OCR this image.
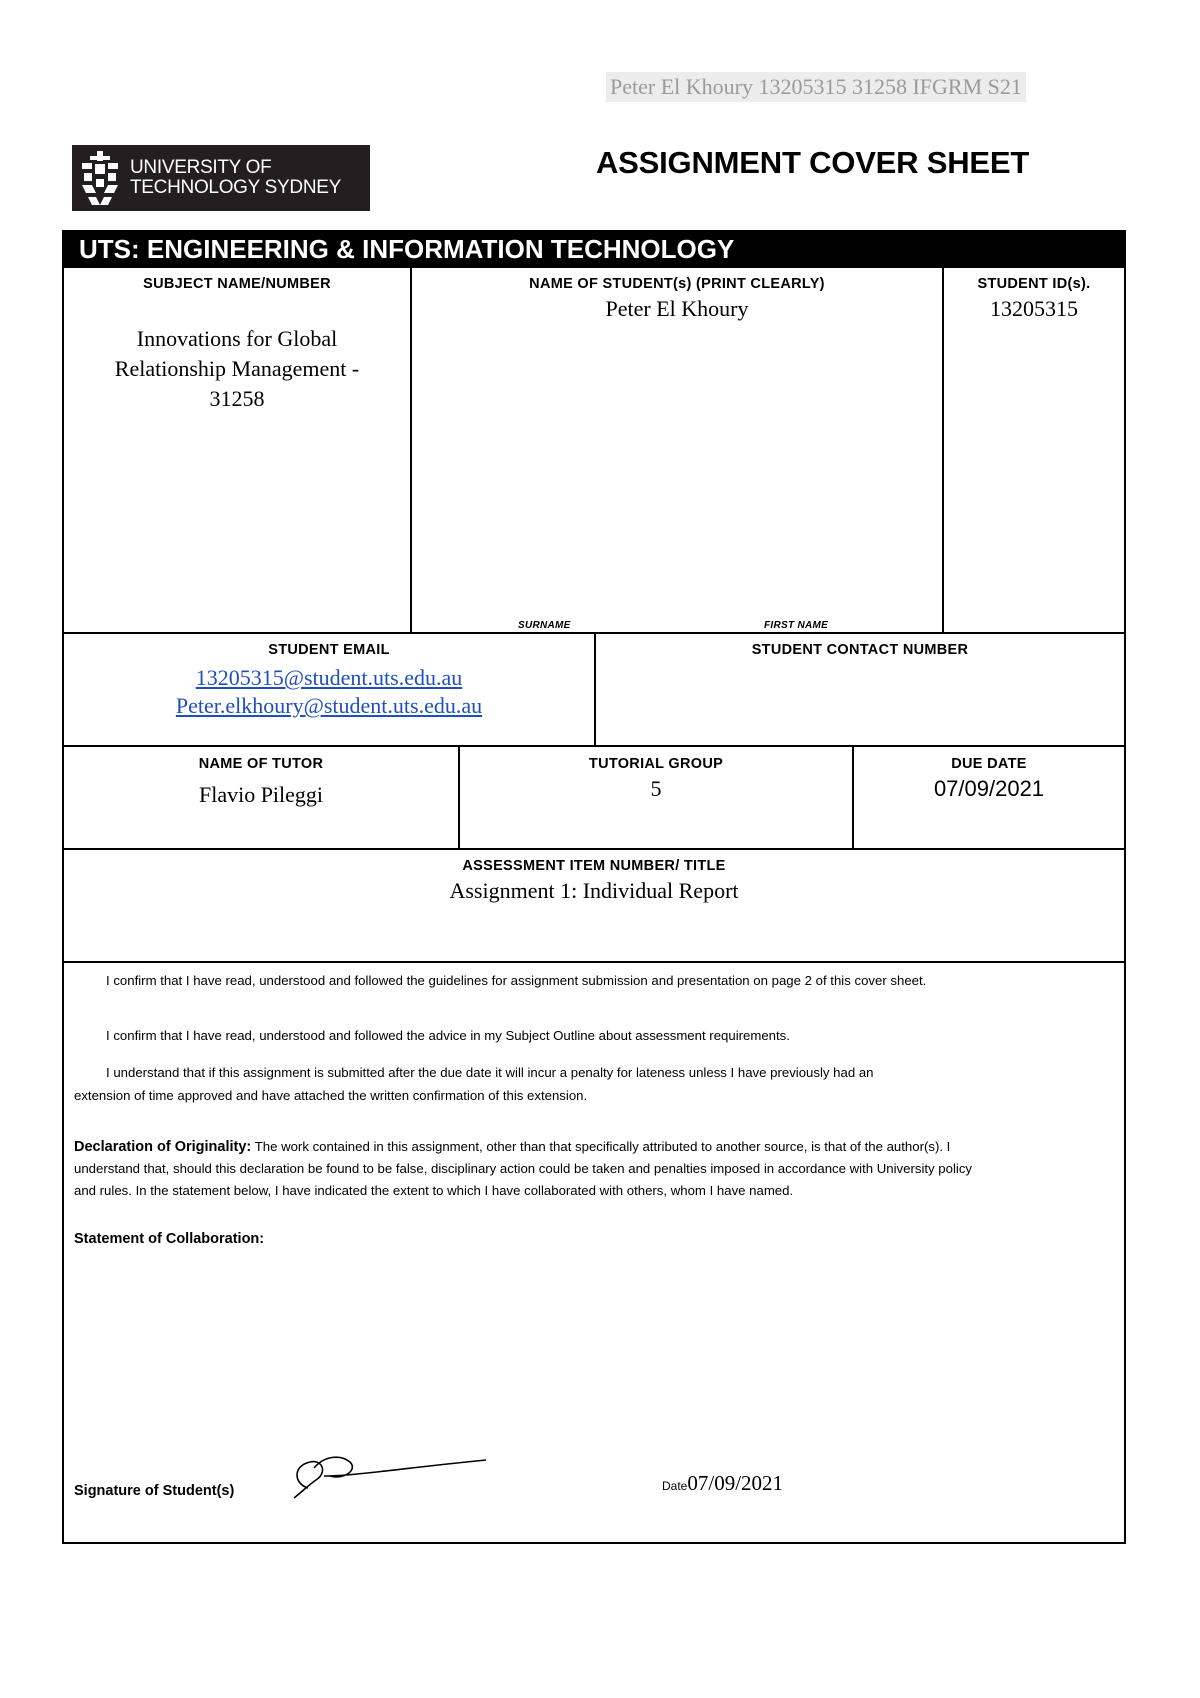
Peter El Khoury 13205315 31258 IFGRM S21
UNIVERSITY OF
TECHNOLOGY SYDNEY
ASSIGNMENT COVER SHEET
UTS: ENGINEERING & INFORMATION TECHNOLOGY
SUBJECT NAME/NUMBER
Innovations for Global
Relationship Management -
31258
NAME OF STUDENT(s) (PRINT CLEARLY)
Peter El Khoury
SURNAME	FIRST NAME
STUDENT ID(s).
13205315
STUDENT EMAIL
13205315@student.uts.edu.au
Peter.elkhoury@student.uts.edu.au
STUDENT CONTACT NUMBER
NAME OF TUTOR
Flavio Pileggi
TUTORIAL GROUP
5
DUE DATE
07/09/2021
ASSESSMENT ITEM NUMBER/ TITLE
Assignment 1: Individual Report
I confirm that I have read, understood and followed the guidelines for assignment submission and presentation on page 2 of this cover sheet.
I confirm that I have read, understood and followed the advice in my Subject Outline about assessment requirements.
I understand that if this assignment is submitted after the due date it will incur a penalty for lateness unless I have previously had an
extension of time approved and have attached the written confirmation of this extension.
Declaration of Originality: The work contained in this assignment, other than that specifically attributed to another source, is that of the author(s). I
understand that, should this declaration be found to be false, disciplinary action could be taken and penalties imposed in accordance with University policy
and rules. In the statement below, I have indicated the extent to which I have collaborated with others, whom I have named.
Statement of Collaboration:
Signature of Student(s)	Date07/09/2021
